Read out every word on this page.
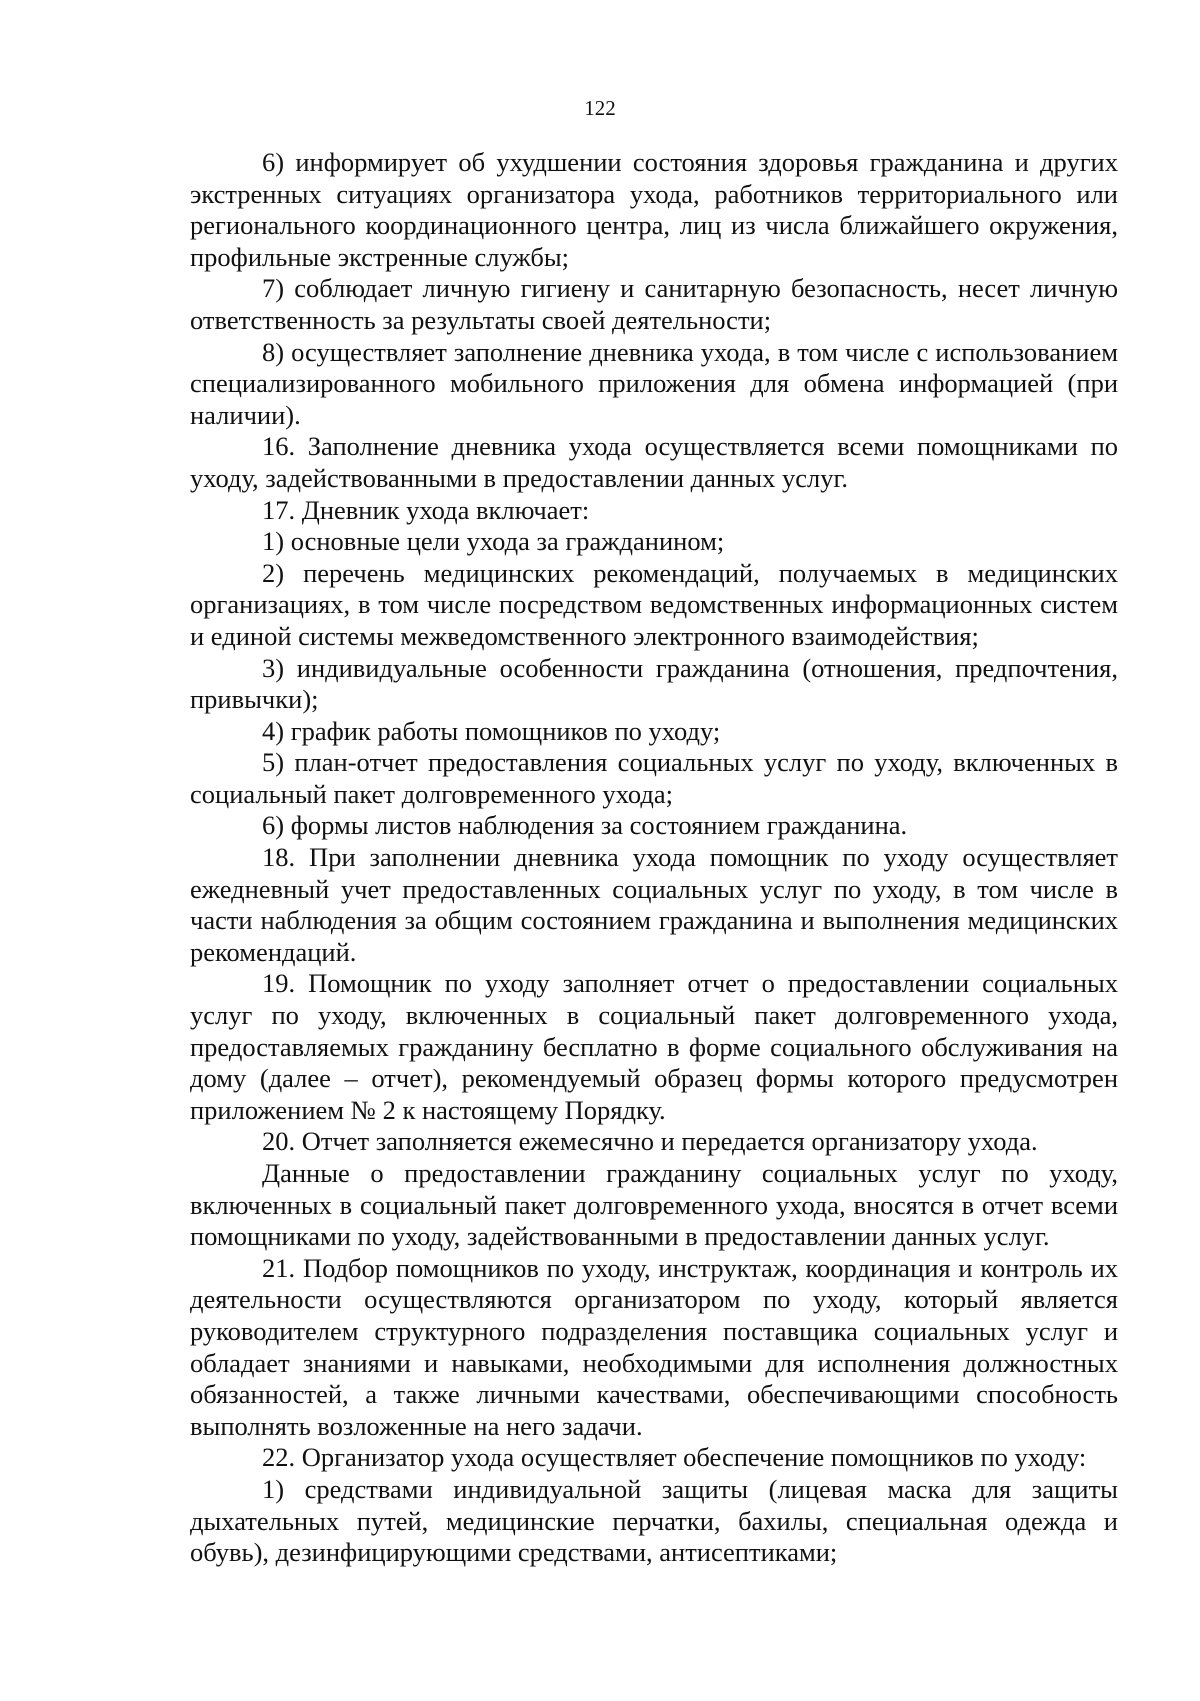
122

6) информирует об ухудшении состояния здоровья гражданина и других экстренных ситуациях организатора ухода, работников территориального или регионального координационного центра, лиц из числа ближайшего окружения, профильные экстренные службы;

7) соблюдает личную гигиену и санитарную безопасность, несет личную ответственность за результаты своей деятельности;

8) осуществляет заполнение дневника ухода, в том числе с использованием специализированного мобильного приложения для обмена информацией (при наличии).

16. Заполнение дневника ухода осуществляется всеми помощниками по уходу, задействованными в предоставлении данных услуг.

17. Дневник ухода включает:

1) основные цели ухода за гражданином;

2) перечень медицинских рекомендаций, получаемых в медицинских организациях, в том числе посредством ведомственных информационных систем и единой системы межведомственного электронного взаимодействия;

3) индивидуальные особенности гражданина (отношения, предпочтения, привычки);

4) график работы помощников по уходу;

5) план-отчет предоставления социальных услуг по уходу, включенных в социальный пакет долговременного ухода;

6) формы листов наблюдения за состоянием гражданина.

18. При заполнении дневника ухода помощник по уходу осуществляет ежедневный учет предоставленных социальных услуг по уходу, в том числе в части наблюдения за общим состоянием гражданина и выполнения медицинских рекомендаций.

19. Помощник по уходу заполняет отчет о предоставлении социальных услуг по уходу, включенных в социальный пакет долговременного ухода, предоставляемых гражданину бесплатно в форме социального обслуживания на дому (далее – отчет), рекомендуемый образец формы которого предусмотрен приложением № 2 к настоящему Порядку.

20. Отчет заполняется ежемесячно и передается организатору ухода.

Данные о предоставлении гражданину социальных услуг по уходу, включенных в социальный пакет долговременного ухода, вносятся в отчет всеми помощниками по уходу, задействованными в предоставлении данных услуг.

21. Подбор помощников по уходу, инструктаж, координация и контроль их деятельности осуществляются организатором по уходу, который является руководителем структурного подразделения поставщика социальных услуг и обладает знаниями и навыками, необходимыми для исполнения должностных обязанностей, а также личными качествами, обеспечивающими способность выполнять возложенные на него задачи.

22. Организатор ухода осуществляет обеспечение помощников по уходу:

1) средствами индивидуальной защиты (лицевая маска для защиты дыхательных путей, медицинские перчатки, бахилы, специальная одежда и обувь), дезинфицирующими средствами, антисептиками;
